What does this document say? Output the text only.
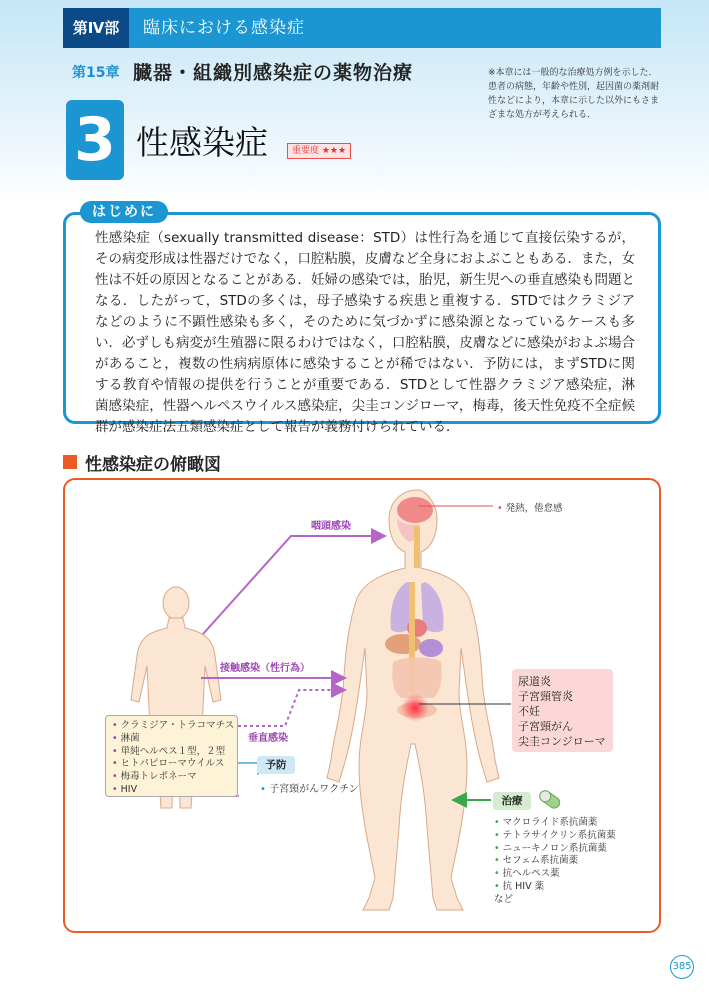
第Ⅳ部	臨床における感染症
第15章 臓器・組織別感染症の薬物治療	※本章には一般的な治療処方例を示した．患者の病態，年齢や性別，起因菌の薬剤耐性などにより，本章に示した以外にもさまざまな処方が考えられる．
3 性感染症	重要度 ★★★
はじめに
性感染症（sexually transmitted disease：STD）は性行為を通じて直接伝染するが，その病変形成は性器だけでなく，口腔粘膜，皮膚など全身におよぶこともある．また，女性は不妊の原因となることがある．妊婦の感染では，胎児，新生児への垂直感染も問題となる．したがって，STDの多くは，母子感染する疾患と重複する．STDではクラミジアなどのように不顕性感染も多く，そのために気づかずに感染源となっているケースも多い．必ずしも病変が生殖器に限るわけではなく，口腔粘膜，皮膚などに感染がおよぶ場合があること，複数の性病病原体に感染することが稀ではない．予防には，まずSTDに関する教育や情報の提供を行うことが重要である．STDとして性器クラミジア感染症，淋菌感染症，性器ヘルペスウイルス感染症，尖圭コンジローマ，梅毒，後天性免疫不全症候群が感染症法五類感染症として報告が義務付けられている．
性感染症の俯瞰図
咽頭感染
接触感染（性行為）
垂直感染
• 発熱，倦怠感
• クラミジア・トラコマチス
• 淋菌
• 単純ヘルペス１型，２型
• ヒトパピローマウイルス
• 梅毒トレポネーマ
• HIV
予防
• 子宮頸がんワクチン
尿道炎
子宮頸管炎
不妊
子宮頸がん
尖圭コンジローマ
治療
• マクロライド系抗菌薬
• テトラサイクリン系抗菌薬
• ニューキノロン系抗菌薬
• セフェム系抗菌薬
• 抗ヘルペス薬
• 抗 HIV 薬
など
385
